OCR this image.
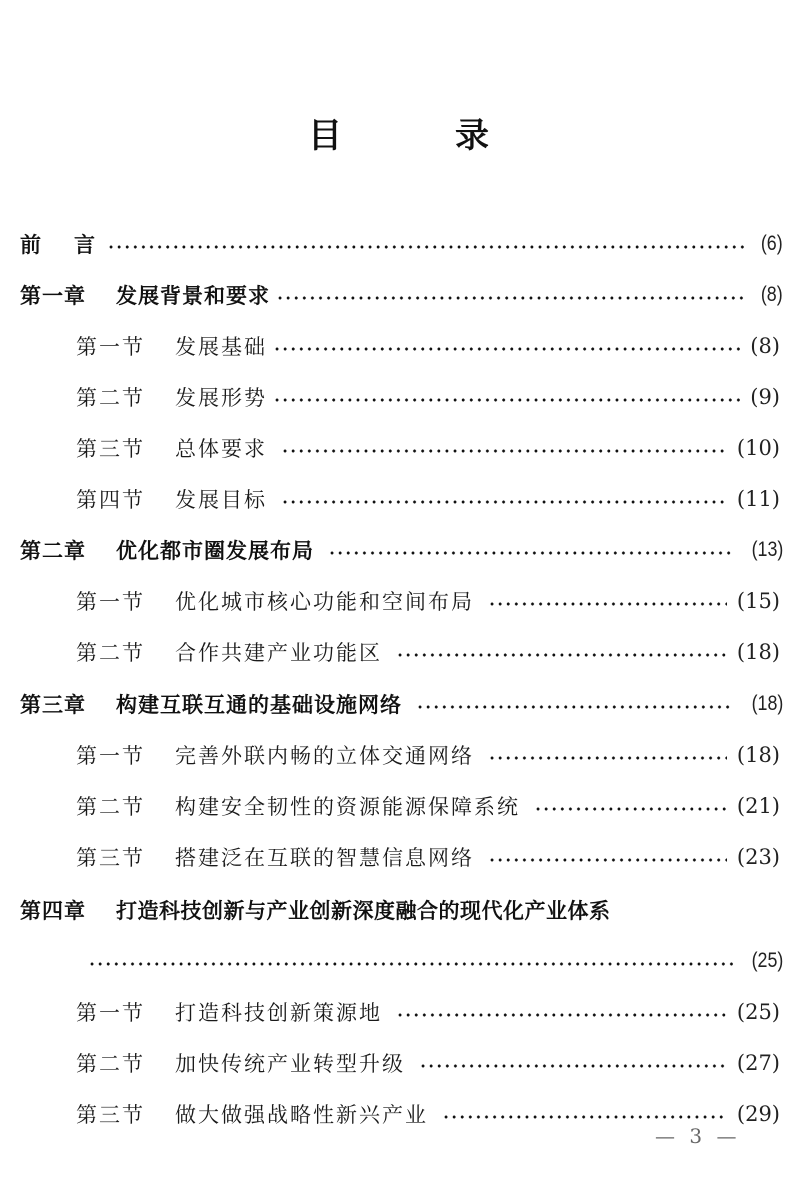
目	录
前　言	(6)
第一章 发展背景和要求	(8)
第一节 发展基础	(8)
第二节 发展形势	(9)
第三节 总体要求	(10)
第四节 发展目标	(11)
第二章 优化都市圈发展布局	(13)
第一节 优化城市核心功能和空间布局	(15)
第二节 合作共建产业功能区	(18)
第三章 构建互联互通的基础设施网络	(18)
第一节 完善外联内畅的立体交通网络	(18)
第二节 构建安全韧性的资源能源保障系统	(21)
第三节 搭建泛在互联的智慧信息网络	(23)
第四章 打造科技创新与产业创新深度融合的现代化产业体系
(25)
第一节 打造科技创新策源地	(25)
第二节 加快传统产业转型升级	(27)
第三节 做大做强战略性新兴产业	(29)
— 3 —
